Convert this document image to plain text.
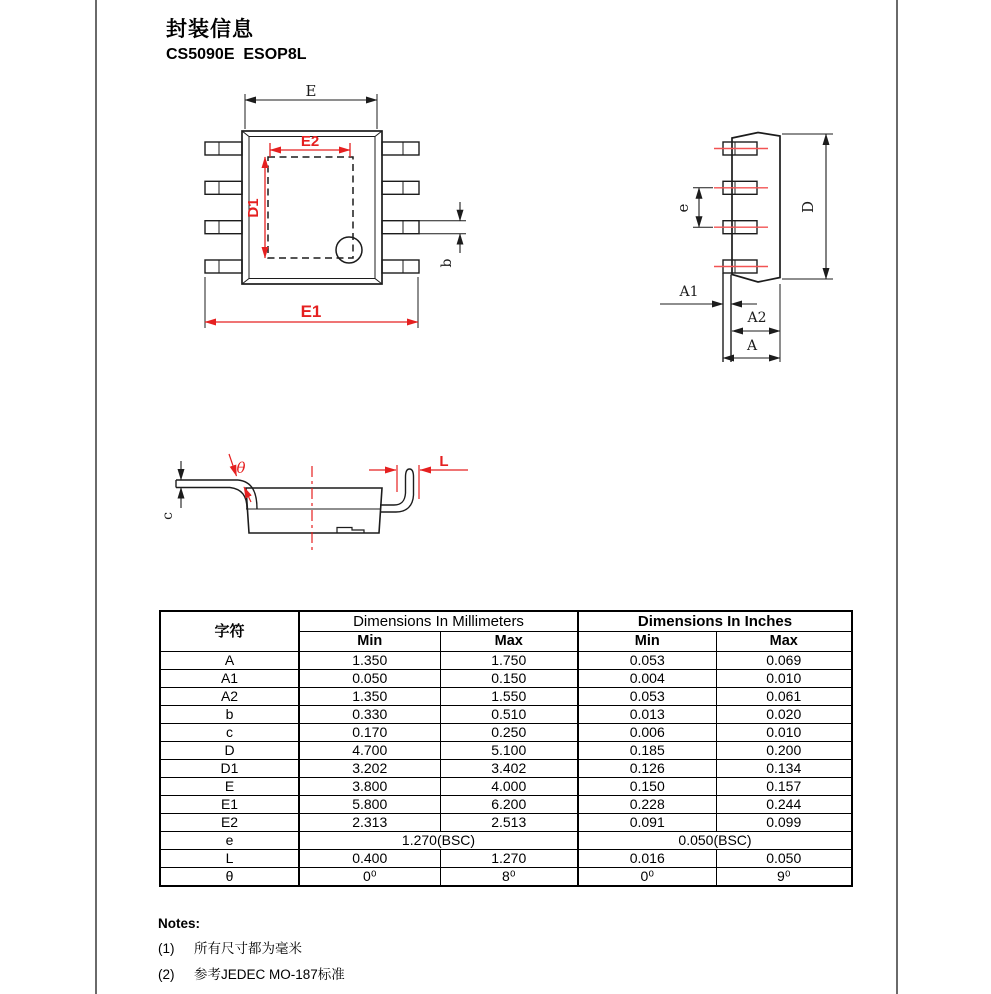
封装信息
CS5090E  ESOP8L
E
b
E2
D1
E1
e	D
A1
A2
A
c
θ	L
字符	Dimensions In Millimeters		Dimensions In Inches	
	Min	Max	Min	Max
A	1.350	1.750	0.053	0.069
A1	0.050	0.150	0.004	0.010
A2	1.350	1.550	0.053	0.061
b	0.330	0.510	0.013	0.020
c	0.170	0.250	0.006	0.010
D	4.700	5.100	0.185	0.200
D1	3.202	3.402	0.126	0.134
E	3.800	4.000	0.150	0.157
E1	5.800	6.200	0.228	0.244
E2	2.313	2.513	0.091	0.099
e	1.270(BSC)		0.050(BSC)	
L	0.400	1.270	0.016	0.050
θ	0⁰	8⁰	0⁰	9⁰
Notes:
(1) 所有尺寸都为毫米
(2) 参考JEDEC MO-187标准
